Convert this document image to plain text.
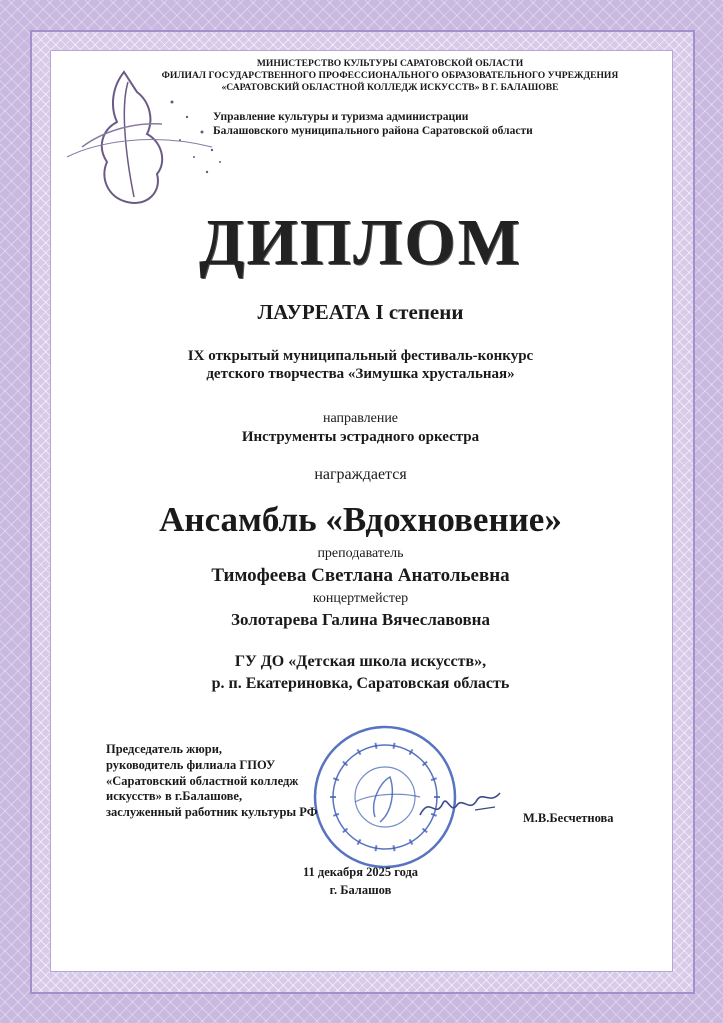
МИНИСТЕРСТВО КУЛЬТУРЫ САРАТОВСКОЙ ОБЛАСТИ
ФИЛИАЛ ГОСУДАРСТВЕННОГО ПРОФЕССИОНАЛЬНОГО ОБРАЗОВАТЕЛЬНОГО УЧРЕЖДЕНИЯ
«САРАТОВСКИЙ ОБЛАСТНОЙ КОЛЛЕДЖ ИСКУССТВ» В Г. БАЛАШОВЕ
Управление культуры и туризма администрации
Балашовского муниципального района Саратовской области
ДИПЛОМ
ЛАУРЕАТА I степени
IX открытый муниципальный фестиваль-конкурс
детского творчества «Зимушка хрустальная»
направление
Инструменты эстрадного оркестра
награждается
Ансамбль «Вдохновение»
преподаватель
Тимофеева Светлана Анатольевна
концертмейстер
Золотарева Галина Вячеславовна
ГУ ДО «Детская школа искусств»,
р. п. Екатериновка, Саратовская область
Председатель жюри,
руководитель филиала ГПОУ
«Саратовский областной колледж
искусств» в г.Балашове,
заслуженный работник культуры РФ	М.В.Бесчетнова
11 декабря 2025 года
г. Балашов
